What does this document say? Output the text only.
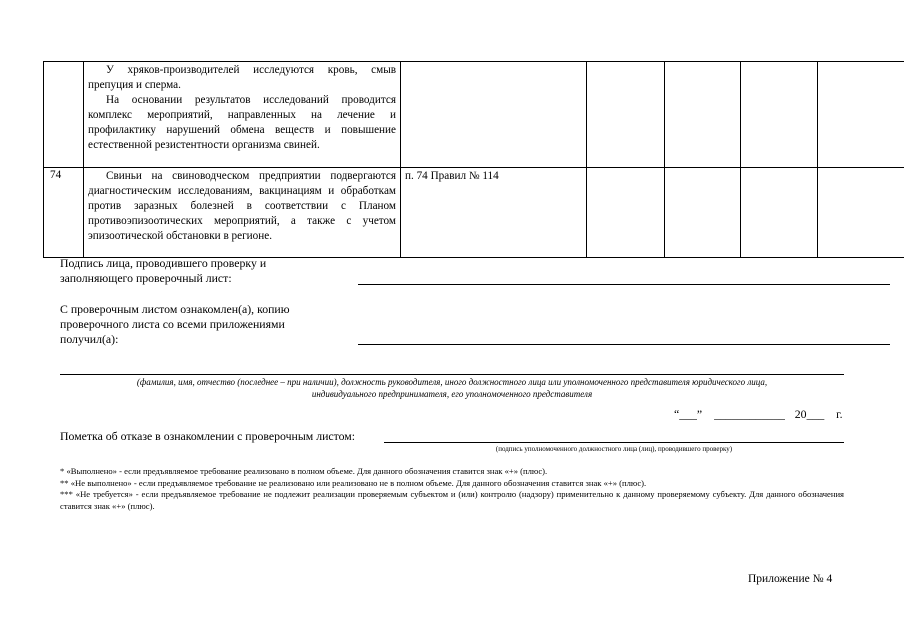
	У хряков-производителей исследуются кровь, смыв препуция и сперма.
На основании результатов исследований проводится комплекс мероприятий, направленных на лечение и профилактику нарушений обмена веществ и повышение естественной резистентности организма свиней.					

74	Свиньи на свиноводческом предприятии подвергаются диагностическим исследованиям, вакцинациям и обработкам против заразных болезней в соответствии с Планом противоэпизоотических мероприятий, а также с учетом эпизоотической обстановки в регионе.	п. 74 Правил № 114				
Подпись лица, проводившего проверку и
заполняющего проверочный лист:
С проверочным листом ознакомлен(а), копию
проверочного листа со всеми приложениями
получил(а):
(фамилия, имя, отчество (последнее – при наличии), должность руководителя, иного должностного лица или уполномоченного представителя юридического лица,
индивидуального предпринимателя, его уполномоченного представителя
“___” ____________ 20___ г.
Пометка об отказе в ознакомлении с проверочным листом:
(подпись уполномоченного должностного лица (лиц), проводившего проверку)
* «Выполнено» - если предъявляемое требование реализовано в полном объеме. Для данного обозначения ставится знак «+» (плюс).
** «Не выполнено» - если предъявляемое требование не реализовано или реализовано не в полном объеме. Для данного обозначения ставится знак «+» (плюс).
*** «Не требуется» - если предъявляемое требование не подлежит реализации проверяемым субъектом и (или) контролю (надзору) применительно к данному проверяемому субъекту. Для данного обозначения ставится знак «+» (плюс).
Приложение № 4
